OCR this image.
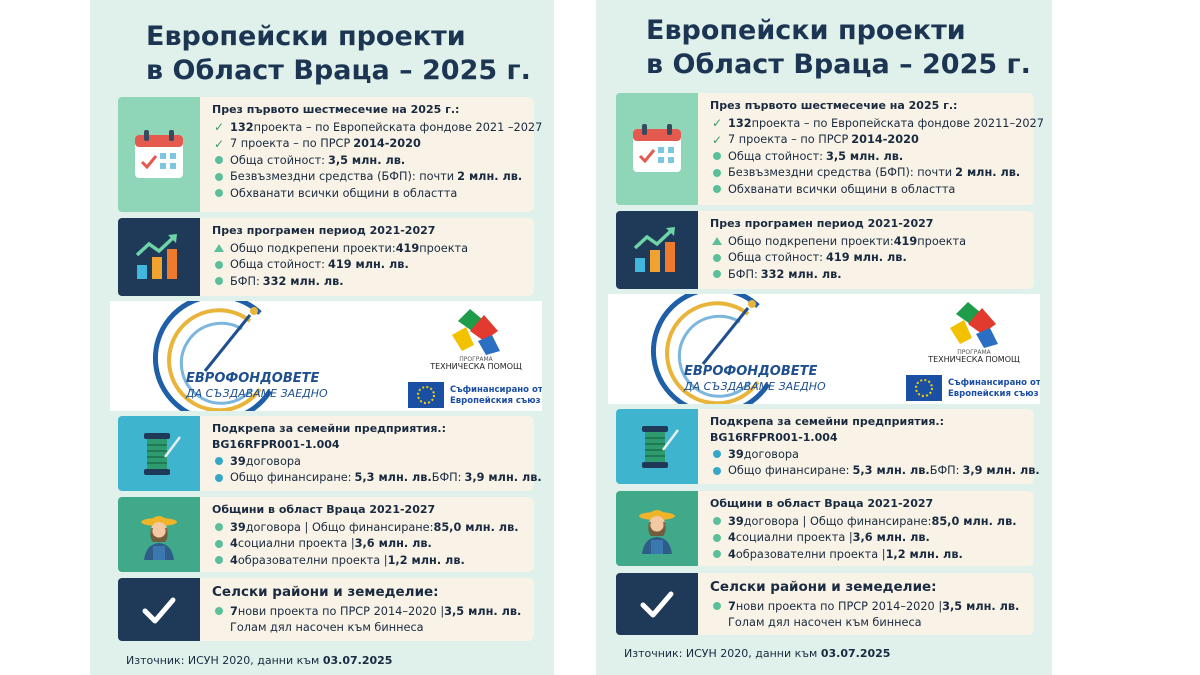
Европейски проекти
в Област Враца – 2025 г.
През първото шестмесечие на 2025 г.:
✓ 132 проекта – по Европейската фондове 2021 –2027
✓ 7 проекта – по ПРСР 2014-2020
Обща стойност: 3,5 млн. лв.
Безвъзмездни средства (БФП): почти 2 млн. лв.
Обхванати всички общини в областта
През програмен период 2021-2027
Общо подкрепени проекти: 419 проекта
Обща стойност: 419 млн. лв.
БФП: 332 млн. лв.
ЕВРОФОНДОВЕТЕ
ДА СЪЗДАВАМЕ ЗАЕДНО
ПРОГРАМА
ТЕХНИЧЕСКА ПОМОЩ
Съфинансирано от
Европейския съюз
Подкрепа за семейни предприятия.:
BG16RFPR001-1.004
39 договора
Общо финансиране: 5,3 млн. лв. БФП: 3,9 млн. лв.
Общини в област Враца 2021-2027
39 договора | Общо финансиране: 85,0 млн. лв.
4 социални проекта | 3,6 млн. лв.
4 образователни проекта | 1,2 млн. лв.
Селски райони и земеделие:
7 нови проекта по ПРСР 2014–2020 | 3,5 млн. лв.
Голам дял насочен към биннеса
Източник: ИСУН 2020, данни към 03.07.2025
Европейски проекти
в Област Враца – 2025 г.
През първото шестмесечие на 2025 г.:
✓ 132 проекта – по Европейската фондове 20211–2027
✓ 7 проекта – по ПРСР 2014-2020
Обща стойност: 3,5 млн. лв.
Безвъзмездни средства (БФП): почти 2 млн. лв.
Обхванати всички общини в областта
През програмен период 2021-2027
Общо подкрепени проекти: 419 проекта
Обща стойност: 419 млн. лв.
БФП: 332 млн. лв.
ЕВРОФОНДОВЕТЕ
ДА СЪЗДАВАМЕ ЗАЕДНО
ПРОГРАМА
ТЕХНИЧЕСКА ПОМОЩ
Съфинансирано от
Европейския съюз
Подкрепа за семейни предприятия.:
BG16RFPR001-1.004
39 договора
Общо финансиране: 5,3 млн. лв. БФП: 3,9 млн. лв.
Общини в област Враца 2021-2027
39 договора | Общо финансиране: 85,0 млн. лв.
4 социални проекта | 3,6 млн. лв.
4 образователни проекта | 1,2 млн. лв.
Селски райони и земеделие:
7 нови проекта по ПРСР 2014–2020 | 3,5 млн. лв.
Голам дял насочен към биннеса
Източник: ИСУН 2020, данни към 03.07.2025
